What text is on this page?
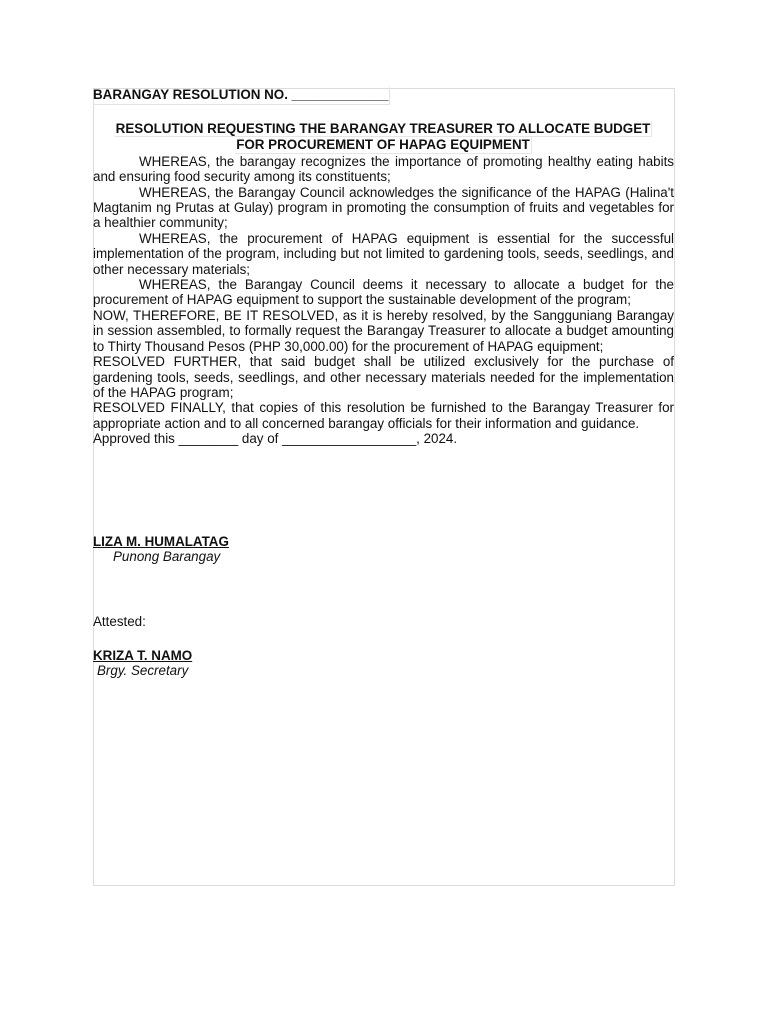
BARANGAY RESOLUTION NO. _____________
RESOLUTION REQUESTING THE BARANGAY TREASURER TO ALLOCATE BUDGET
FOR PROCUREMENT OF HAPAG EQUIPMENT

WHEREAS, the barangay recognizes the importance of promoting healthy eating habits and ensuring food security among its constituents;

WHEREAS, the Barangay Council acknowledges the significance of the HAPAG (Halina't Magtanim ng Prutas at Gulay) program in promoting the consumption of fruits and vegetables for a healthier community;

WHEREAS, the procurement of HAPAG equipment is essential for the successful implementation of the program, including but not limited to gardening tools, seeds, seedlings, and other necessary materials;

WHEREAS, the Barangay Council deems it necessary to allocate a budget for the procurement of HAPAG equipment to support the sustainable development of the program;

NOW, THEREFORE, BE IT RESOLVED, as it is hereby resolved, by the Sangguniang Barangay in session assembled, to formally request the Barangay Treasurer to allocate a budget amounting to Thirty Thousand Pesos (PHP 30,000.00) for the procurement of HAPAG equipment;

RESOLVED FURTHER, that said budget shall be utilized exclusively for the purchase of gardening tools, seeds, seedlings, and other necessary materials needed for the implementation of the HAPAG program;

RESOLVED FINALLY, that copies of this resolution be furnished to the Barangay Treasurer for appropriate action and to all concerned barangay officials for their information and guidance.

Approved this ________ day of __________________, 2024.

LIZA M. HUMALATAG

Punong Barangay

Attested:

KRIZA T. NAMO

Brgy. Secretary
